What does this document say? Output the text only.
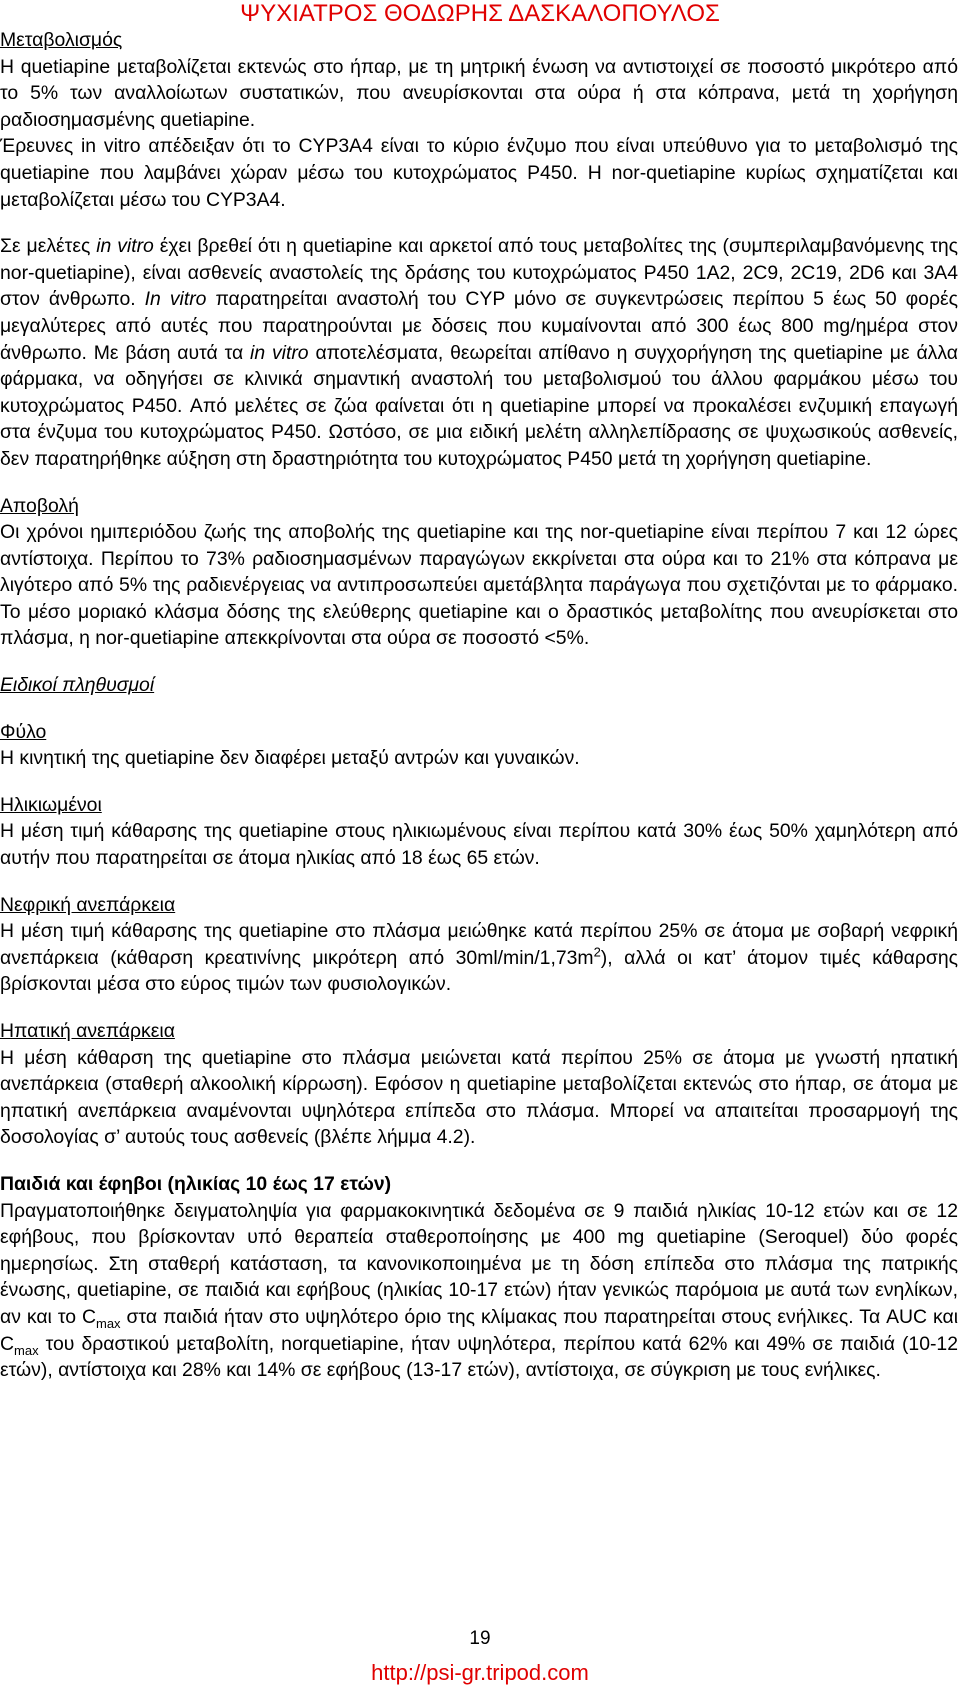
ΨΥΧΙΑΤΡΟΣ ΘΟΔΩΡΗΣ ΔΑΣΚΑΛΟΠΟΥΛΟΣ

Μεταβολισμός

Η quetiapine μεταβολίζεται εκτενώς στο ήπαρ, με τη μητρική ένωση να αντιστοιχεί σε ποσοστό μικρότερο από το 5% των αναλλοίωτων συστατικών, που ανευρίσκονται στα ούρα ή στα κόπρανα, μετά τη χορήγηση ραδιοσημασμένης quetiapine.

Έρευνες in vitro απέδειξαν ότι το CYP3A4 είναι το κύριο ένζυμο που είναι υπεύθυνο για το μεταβολισμό της quetiapine που λαμβάνει χώραν μέσω του κυτοχρώματος P450. Η nor-quetiapine κυρίως σχηματίζεται και μεταβολίζεται μέσω του CYP3A4.

Σε μελέτες in vitro έχει βρεθεί ότι η quetiapine και αρκετοί από τους μεταβολίτες της (συμπεριλαμβανόμενης της nor-quetiapine), είναι ασθενείς αναστολείς της δράσης του κυτοχρώματος P450 1A2, 2C9, 2C19, 2D6 και 3A4 στον άνθρωπο. In vitro παρατηρείται αναστολή του CYP μόνο σε συγκεντρώσεις περίπου 5 έως 50 φορές μεγαλύτερες από αυτές που παρατηρούνται με δόσεις που κυμαίνονται από 300 έως 800 mg/ημέρα στον άνθρωπο. Με βάση αυτά τα in vitro αποτελέσματα, θεωρείται απίθανο η συγχορήγηση της quetiapine με άλλα φάρμακα, να οδηγήσει σε κλινικά σημαντική αναστολή του μεταβολισμού του άλλου φαρμάκου μέσω του κυτοχρώματος P450. Από μελέτες σε ζώα φαίνεται ότι η quetiapine μπορεί να προκαλέσει ενζυμική επαγωγή στα ένζυμα του κυτοχρώματος P450. Ωστόσο, σε μια ειδική μελέτη αλληλεπίδρασης σε ψυχωσικούς ασθενείς, δεν παρατηρήθηκε αύξηση στη δραστηριότητα του κυτοχρώματος P450 μετά τη χορήγηση quetiapine.

Αποβολή

Οι χρόνοι ημιπεριόδου ζωής της αποβολής της quetiapine και της nor-quetiapine είναι περίπου 7 και 12 ώρες αντίστοιχα. Περίπου το 73% ραδιοσημασμένων παραγώγων εκκρίνεται στα ούρα και το 21% στα κόπρανα με λιγότερο από 5% της ραδιενέργειας να αντιπροσωπεύει αμετάβλητα παράγωγα που σχετιζόνται με το φάρμακο. Το μέσο μοριακό κλάσμα δόσης της ελεύθερης quetiapine και ο δραστικός μεταβολίτης που ανευρίσκεται στο πλάσμα, η nor-quetiapine απεκκρίνονται στα ούρα σε ποσοστό <5%.

Ειδικοί πληθυσμοί

Φύλο

Η κινητική της quetiapine δεν διαφέρει μεταξύ αντρών και γυναικών.

Ηλικιωμένοι

Η μέση τιμή κάθαρσης της quetiapine στους ηλικιωμένους είναι περίπου κατά 30% έως 50% χαμηλότερη από αυτήν που παρατηρείται σε άτομα ηλικίας από 18 έως 65 ετών.

Νεφρική ανεπάρκεια

Η μέση τιμή κάθαρσης της quetiapine στο πλάσμα μειώθηκε κατά περίπου 25% σε άτομα με σοβαρή νεφρική ανεπάρκεια (κάθαρση κρεατινίνης μικρότερη από $30ml/\min/1,73m^2$), αλλά οι κατ’ άτομον τιμές κάθαρσης βρίσκονται μέσα στο εύρος τιμών των φυσιολογικών.

Ηπατική ανεπάρκεια

Η μέση κάθαρση της quetiapine στο πλάσμα μειώνεται κατά περίπου 25% σε άτομα με γνωστή ηπατική ανεπάρκεια (σταθερή αλκοολική κίρρωση). Εφόσον η quetiapine μεταβολίζεται εκτενώς στο ήπαρ, σε άτομα με ηπατική ανεπάρκεια αναμένονται υψηλότερα επίπεδα στο πλάσμα. Μπορεί να απαιτείται προσαρμογή της δοσολογίας σ’ αυτούς τους ασθενείς (βλέπε λήμμα 4.2).

Παιδιά και έφηβοι (ηλικίας 10 έως 17 ετών)

Πραγματοποιήθηκε δειγματοληψία για φαρμακοκινητικά δεδομένα σε 9 παιδιά ηλικίας 10-12 ετών και σε 12 εφήβους, που βρίσκονταν υπό θεραπεία σταθεροποίησης με 400 mg quetiapine (Seroquel) δύο φορές ημερησίως. Στη σταθερή κατάσταση, τα κανονικοποιημένα με τη δόση επίπεδα στο πλάσμα της πατρικής ένωσης, quetiapine, σε παιδιά και εφήβους (ηλικίας 10-17 ετών) ήταν γενικώς παρόμοια με αυτά των ενηλίκων, αν και το $C_{max}$ στα παιδιά ήταν στο υψηλότερο όριο της κλίμακας που παρατηρείται στους ενήλικες. Τα AUC και $C_{max}$ του δραστικού μεταβολίτη, norquetiapine, ήταν υψηλότερα, περίπου κατά 62% και 49% σε παιδιά (10-12 ετών), αντίστοιχα και 28% και 14% σε εφήβους (13-17 ετών), αντίστοιχα, σε σύγκριση με τους ενήλικες.

19
http://psi-gr.tripod.com
